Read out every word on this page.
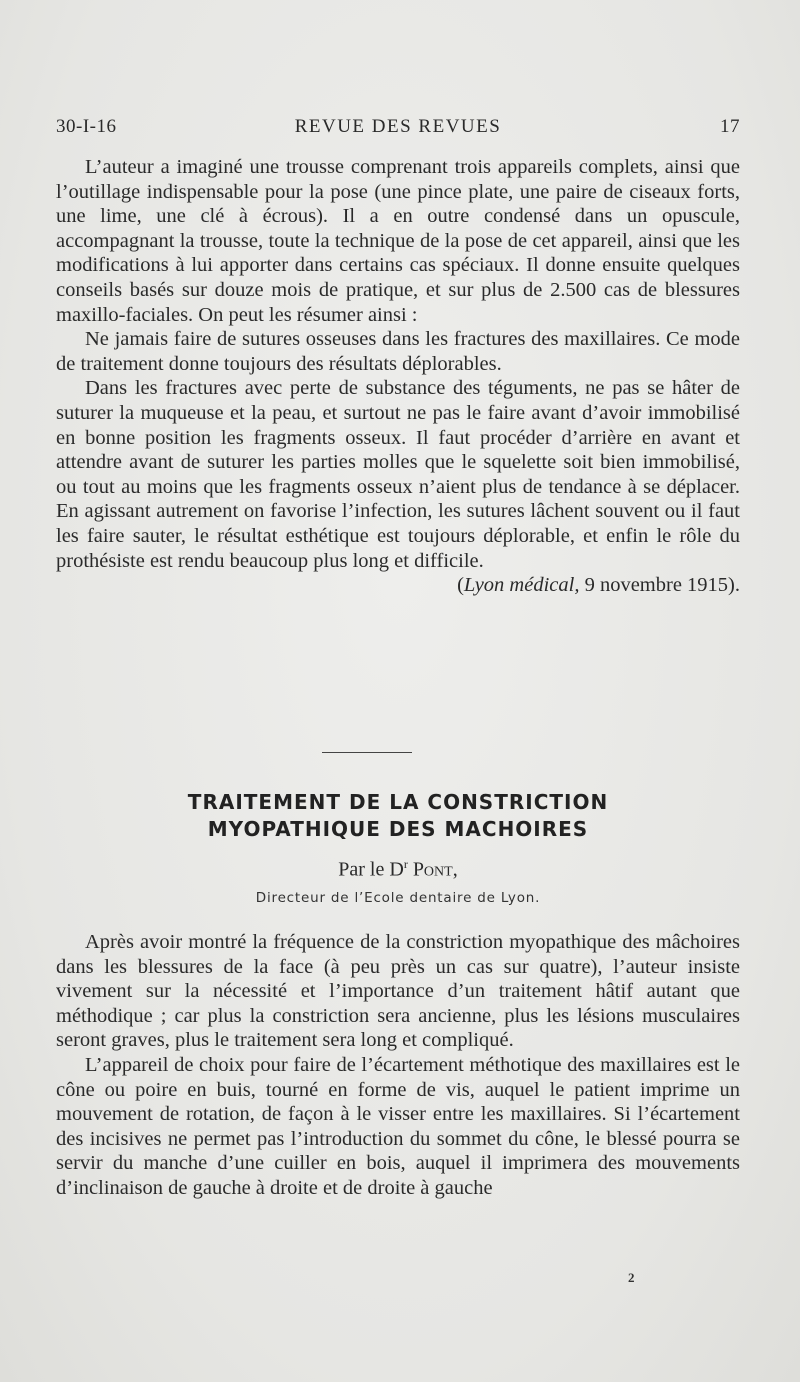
30-I-16	REVUE DES REVUES	17

L’auteur a imaginé une trousse comprenant trois appareils complets, ainsi que l’outillage indispensable pour la pose (une pince plate, une paire de ciseaux forts, une lime, une clé à écrous). Il a en outre condensé dans un opuscule, accompagnant la trousse, toute la technique de la pose de cet appareil, ainsi que les modifications à lui apporter dans certains cas spéciaux. Il donne ensuite quelques conseils basés sur douze mois de pratique, et sur plus de 2.500 cas de blessures maxillo-faciales. On peut les résumer ainsi :

Ne jamais faire de sutures osseuses dans les fractures des maxillaires. Ce mode de traitement donne toujours des résultats déplorables.

Dans les fractures avec perte de substance des téguments, ne pas se hâter de suturer la muqueuse et la peau, et surtout ne pas le faire avant d’avoir immobilisé en bonne position les fragments osseux. Il faut procéder d’arrière en avant et attendre avant de suturer les parties molles que le squelette soit bien immobilisé, ou tout au moins que les fragments osseux n’aient plus de tendance à se déplacer. En agissant autrement on favorise l’infection, les sutures lâchent souvent ou il faut les faire sauter, le résultat esthétique est toujours déplorable, et enfin le rôle du prothésiste est rendu beaucoup plus long et difficile.

(Lyon médical, 9 novembre 1915).

TRAITEMENT DE LA CONSTRICTION
MYOPATHIQUE DES MACHOIRES
Par le $D^r$ Pont,
Directeur de l’Ecole dentaire de Lyon.

Après avoir montré la fréquence de la constriction myopathique des mâchoires dans les blessures de la face (à peu près un cas sur quatre), l’auteur insiste vivement sur la nécessité et l’importance d’un traitement hâtif autant que méthodique ; car plus la constriction sera ancienne, plus les lésions musculaires seront graves, plus le traitement sera long et compliqué.

L’appareil de choix pour faire de l’écartement méthotique des maxillaires est le cône ou poire en buis, tourné en forme de vis, auquel le patient imprime un mouvement de rotation, de façon à le visser entre les maxillaires. Si l’écartement des incisives ne permet pas l’introduction du sommet du cône, le blessé pourra se servir du manche d’une cuiller en bois, auquel il imprimera des mouvements d’inclinaison de gauche à droite et de droite à gauche

2
